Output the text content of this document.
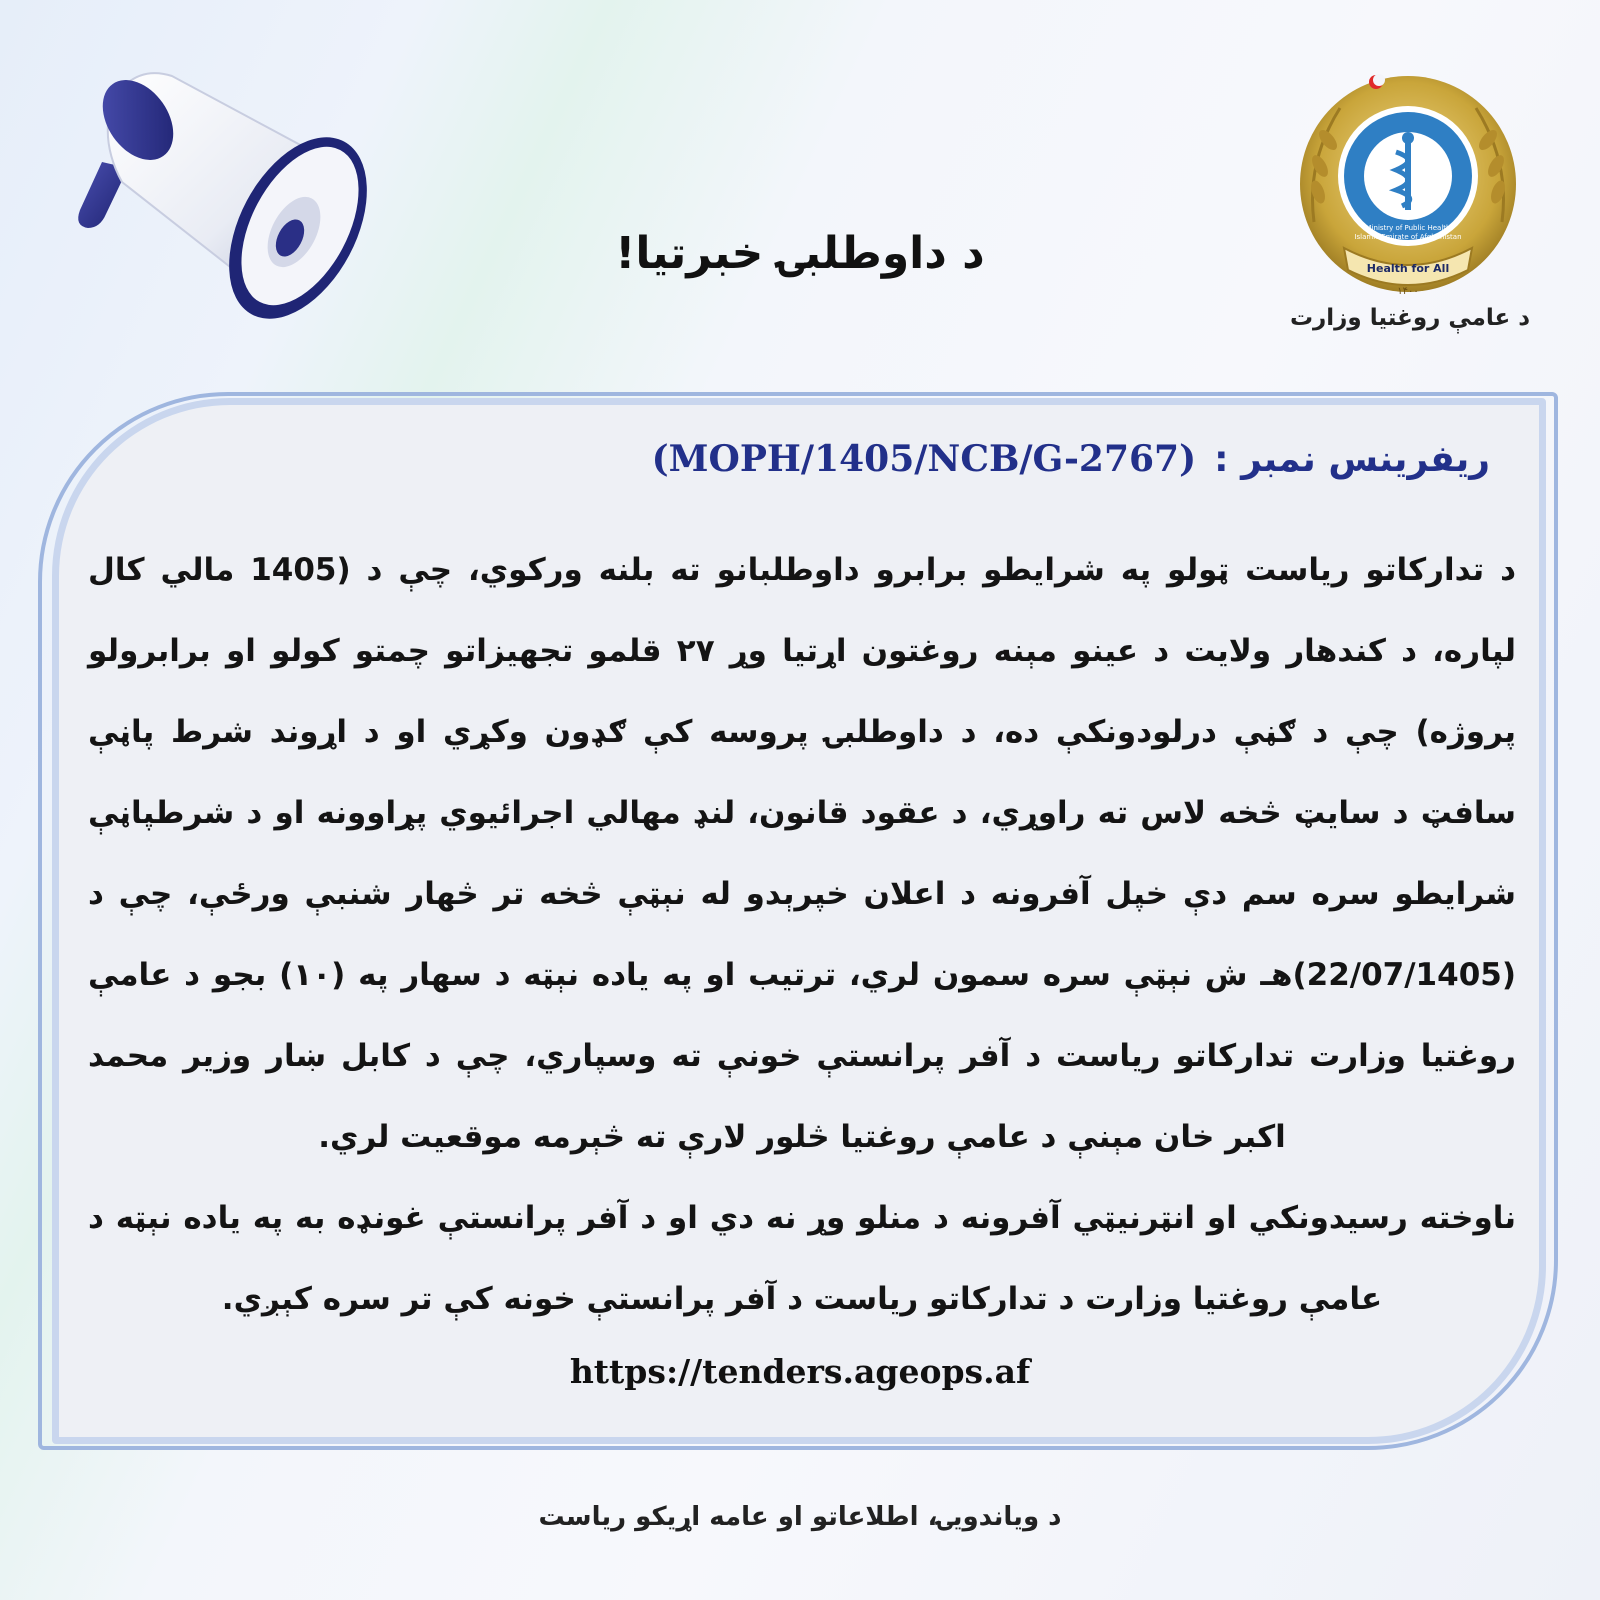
د داوطلبۍ خبرتیا!	Health for All
۱۴۰۰
Ministry of Public Health
Islamic Emirate of Afghanistan
د عامې روغتیا وزارت
ریفرینس نمبر :(MOPH/1405/NCB/G-2767)

د تدارکاتو ریاست ټولو په شرایطو برابرو داوطلبانو ته بلنه ورکوي، چې د (1405 مالي کال لپاره، د کندهار ولایت د عینو مېنه روغتون اړتیا وړ ۲۷ قلمو تجهیزاتو چمتو کولو او برابرولو پروژه) چې د ګڼې درلودونکې ده، د داوطلبۍ پروسه کې ګډون وکړي او د اړوند شرط پاڼې سافټ د سایټ څخه لاس ته راوړي، د عقود قانون، لنډ مهالي اجرائیوي پړاوونه او د شرطپاڼې شرایطو سره سم دې خپل آفرونه د اعلان خپرېدو له نېټې څخه تر څهار شنبې ورځې، چې د (22/07/1405)هـ ش نېټې سره سمون لري، ترتیب او په یاده نېټه د سهار په (۱۰) بجو د عامې روغتیا وزارت تدارکاتو ریاست د آفر پرانستې خونې ته وسپاري، چې د کابل ښار وزیر محمد اکبر خان مېنې د عامې روغتیا څلور لارې ته څېرمه موقعیت لري.

ناوخته رسیدونکي او انټرنیټي آفرونه د منلو وړ نه دي او د آفر پرانستې غونډه به په یاده نېټه د عامې روغتیا وزارت د تدارکاتو ریاست د آفر پرانستې خونه کې تر سره کېږي.

https://tenders.ageops.af
د ویاندویۍ، اطلاعاتو او عامه اړیکو ریاست
